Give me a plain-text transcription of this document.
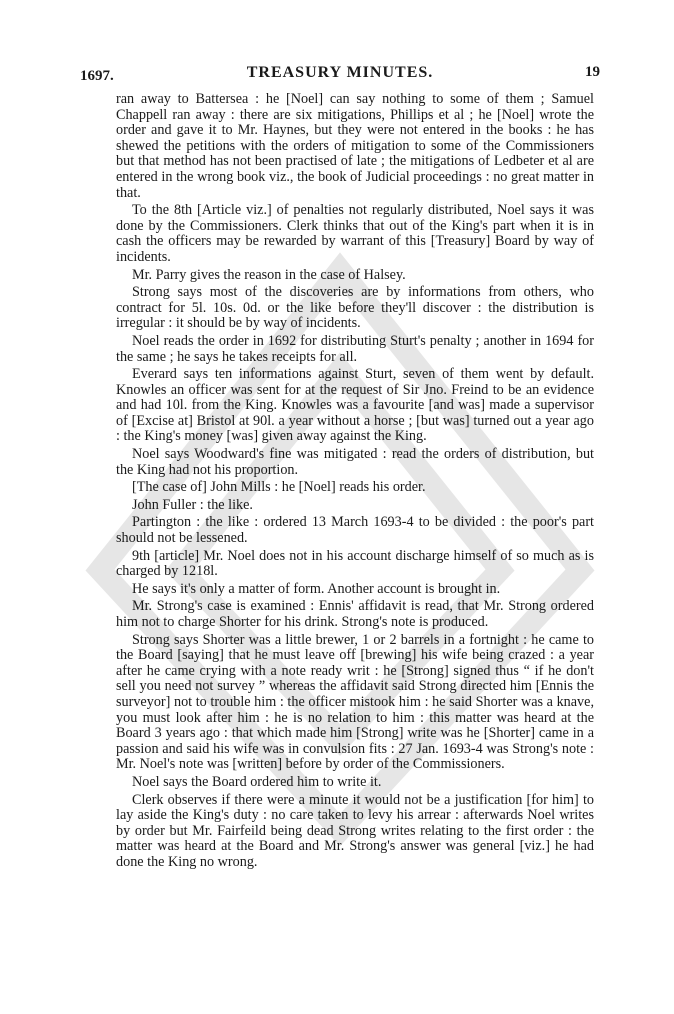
1697.	TREASURY MINUTES.	19

ran away to Battersea : he [Noel] can say nothing to some of them ; Samuel Chappell ran away : there are six mitigations, Phillips et al ; he [Noel] wrote the order and gave it to Mr. Haynes, but they were not entered in the books : he has shewed the petitions with the orders of mitigation to some of the Commissioners but that method has not been practised of late ; the mitigations of Ledbeter et al are entered in the wrong book viz., the book of Judicial proceedings : no great matter in that.

To the 8th [Article viz.] of penalties not regularly distributed, Noel says it was done by the Commissioners. Clerk thinks that out of the King's part when it is in cash the officers may be rewarded by warrant of this [Treasury] Board by way of incidents.

Mr. Parry gives the reason in the case of Halsey.

Strong says most of the discoveries are by informations from others, who contract for 5l. 10s. 0d. or the like before they'll discover : the distribution is irregular : it should be by way of incidents.

Noel reads the order in 1692 for distributing Sturt's penalty ; another in 1694 for the same ; he says he takes receipts for all.

Everard says ten informations against Sturt, seven of them went by default. Knowles an officer was sent for at the request of Sir Jno. Freind to be an evidence and had 10l. from the King. Knowles was a favourite [and was] made a supervisor of [Excise at] Bristol at 90l. a year without a horse ; [but was] turned out a year ago : the King's money [was] given away against the King.

Noel says Woodward's fine was mitigated : read the orders of distribution, but the King had not his proportion.

[The case of] John Mills : he [Noel] reads his order.

John Fuller : the like.

Partington : the like : ordered 13 March 1693-4 to be divided : the poor's part should not be lessened.

9th [article] Mr. Noel does not in his account discharge himself of so much as is charged by 1218l.

He says it's only a matter of form. Another account is brought in.

Mr. Strong's case is examined : Ennis' affidavit is read, that Mr. Strong ordered him not to charge Shorter for his drink. Strong's note is produced.

Strong says Shorter was a little brewer, 1 or 2 barrels in a fortnight : he came to the Board [saying] that he must leave off [brewing] his wife being crazed : a year after he came crying with a note ready writ : he [Strong] signed thus “ if he don't sell you need not survey ” whereas the affidavit said Strong directed him [Ennis the surveyor] not to trouble him : the officer mistook him : he said Shorter was a knave, you must look after him : he is no relation to him : this matter was heard at the Board 3 years ago : that which made him [Strong] write was he [Shorter] came in a passion and said his wife was in convulsion fits : 27 Jan. 1693-4 was Strong's note : Mr. Noel's note was [written] before by order of the Commissioners.

Noel says the Board ordered him to write it.

Clerk observes if there were a minute it would not be a justification [for him] to lay aside the King's duty : no care taken to levy his arrear : afterwards Noel writes by order but Mr. Fairfeild being dead Strong writes relating to the first order : the matter was heard at the Board and Mr. Strong's answer was general [viz.] he had done the King no wrong.
